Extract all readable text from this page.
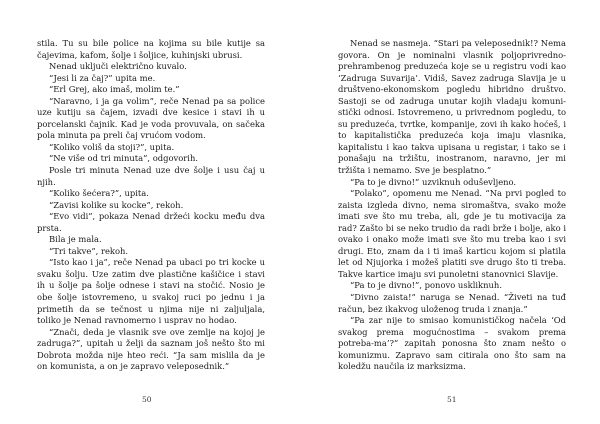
stila. Tu su bile police na kojima su bile kutije sa čajevima, kafom, šolje i šoljice, kuhinjski ubrusi.

Nenad uključi električno kuvalo.

“Jesi li za čaj?” upita me.

“Erl Grej, ako imaš, molim te.”

“Naravno, i ja ga volim”, reče Nenad pa sa police uze kutiju sa čajem, izvadi dve kesice i stavi ih u porcelanski čajnik. Kad je voda provuvala, on sačeka pola minuta pa preli čaj vrućom vodom.

“Koliko voliš da stoji?”, upita.

“Ne više od tri minuta”, odgovorih.

Posle tri minuta Nenad uze dve šolje i usu čaj u njih.

“Koliko šećera?”, upita.

“Zavisi kolike su kocke”, rekoh.

“Evo vidi”, pokaza Nenad držeći kocku među dva prsta.

Bila je mala.

“Tri takve”, rekoh.

“Isto kao i ja”, reče Nenad pa ubaci po tri kocke u svaku šolju. Uze zatim dve plastične kašičice i stavi ih u šolje pa šolje odnese i stavi na stočić. Nosio je obe šolje istovremeno, u svakoj ruci po jednu i ja primetih da se tečnost u njima nije ni zaljuljala, toliko je Nenad ravnomerno i usprav no hodao.

“Znači, deda je vlasnik sve ove zemlje na kojoj je zadruga?”, upitah u želji da saznam još nešto što mi Dobrota možda nije hteo reći. “Ja sam mislila da je on komunista, a on je zapravo veleposednik.”

50

Nenad se nasmeja. “Stari pa veleposednik!? Nema govora. On je nominalni vlasnik poljoprivredno-prehrambenog preduzeća koje se u registru vodi kao ‘Zadruga Suvarija’. Vidiš, Savez zadruga Slavija je u društveno-ekonomskom pogledu hibridno društvo. Sastoji se od zadruga unutar kojih vladaju komuni-stički odnosi. Istovremeno, u privrednom pogledu, to su preduzeća, tvrtke, kompanije, zovi ih kako hoćeš, i to kapitalistička preduzeća koja imaju vlasnika, kapitalistu i kao takva upisana u registar, i tako se i ponašaju na tržištu, inostranom, naravno, jer mi tržišta i nemamo. Sve je besplatno.”

“Pa to je divno!” uzviknuh oduševljeno.

“Polako”, opomenu me Nenad. “Na prvi pogled to zaista izgleda divno, nema siromaštva, svako može imati sve što mu treba, ali, gde je tu motivacija za rad? Zašto bi se neko trudio da radi brže i bolje, ako i ovako i onako može imati sve što mu treba kao i svi drugi. Eto, znam da i ti imaš karticu kojom si platila let od Njujorka i možeš platiti sve drugo što ti treba. Takve kartice imaju svi punoletni stanovnici Slavije.

“Pa to je divno!”, ponovo uskliknuh.

“Divno zaista!” naruga se Nenad. “Živeti na tuđ račun, bez ikakvog uloženog truda i znanja.”

“Pa zar nije to smisao komunističkog načela ‘Od svakog prema mogućnostima – svakom prema potreba-ma’?” zapitah ponosna što znam nešto o komunizmu. Zapravo sam citirala ono što sam na koledžu naučila iz marksizma.

51
